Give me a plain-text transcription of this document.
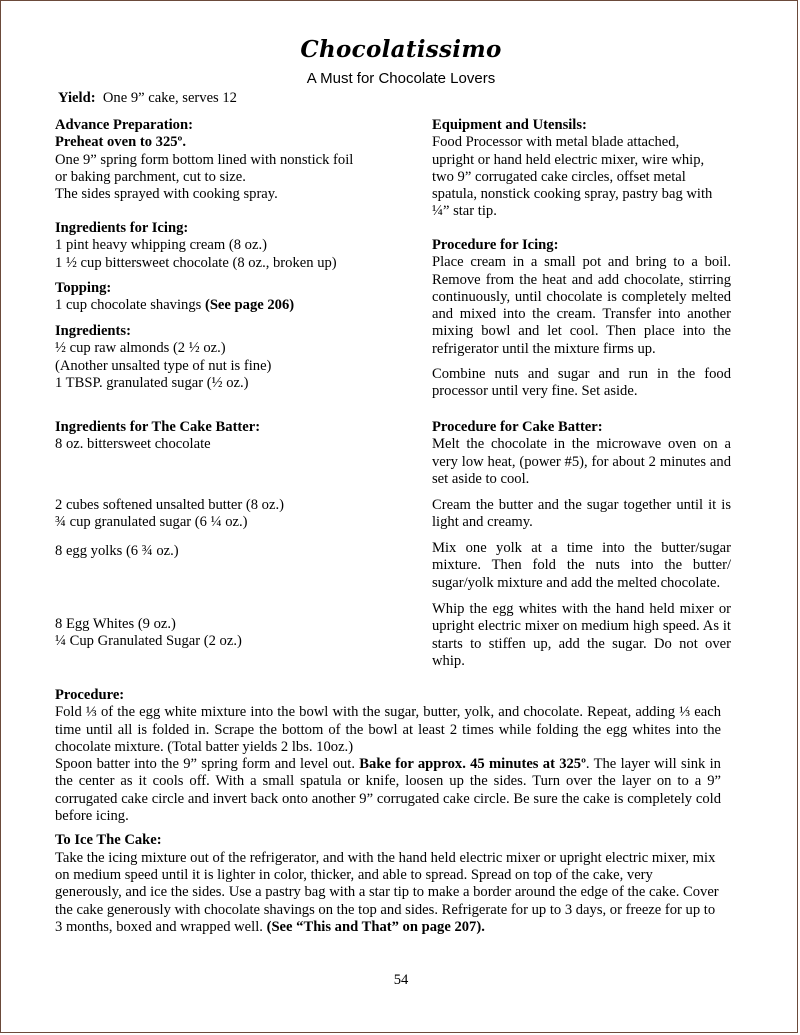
Chocolatissimo
A Must for Chocolate Lovers
Yield: One 9” cake, serves 12

Advance Preparation:

Preheat oven to 325º.

One 9” spring form bottom lined with nonstick foil

or baking parchment, cut to size.

The sides sprayed with cooking spray.

Ingredients for Icing:

1 pint heavy whipping cream (8 oz.)

1 ½ cup bittersweet chocolate (8 oz., broken up)

Topping:

1 cup chocolate shavings (See page 206)

Ingredients:

½ cup raw almonds (2 ½ oz.)

(Another unsalted type of nut is fine)

1 TBSP. granulated sugar (½ oz.)

Ingredients for The Cake Batter:

8 oz. bittersweet chocolate

2 cubes softened unsalted butter (8 oz.)

¾ cup granulated sugar (6 ¼ oz.)

8 egg yolks (6 ¾ oz.)

8 Egg Whites (9 oz.)

¼ Cup Granulated Sugar (2 oz.)

Equipment and Utensils:

Food Processor with metal blade attached,

upright or hand held electric mixer, wire whip,

two 9” corrugated cake circles, offset metal

spatula, nonstick cooking spray, pastry bag with

¼” star tip.

Procedure for Icing:

Place cream in a small pot and bring to a boil. Remove from the heat and add chocolate, stirring continuously, until chocolate is completely melted and mixed into the cream. Transfer into another mixing bowl and let cool. Then place into the refrigerator until the mixture firms up.

Combine nuts and sugar and run in the food processor until very fine. Set aside.

Procedure for Cake Batter:

Melt the chocolate in the microwave oven on a very low heat, (power #5), for about 2 minutes and set aside to cool.

Cream the butter and the sugar together until it is light and creamy.

Mix one yolk at a time into the butter/sugar mixture. Then fold the nuts into the butter/ sugar/yolk mixture and add the melted chocolate.

Whip the egg whites with the hand held mixer or upright electric mixer on medium high speed. As it starts to stiffen up, add the sugar. Do not over whip.

Procedure:

Fold ⅓ of the egg white mixture into the bowl with the sugar, butter, yolk, and chocolate. Repeat, adding ⅓ each time until all is folded in. Scrape the bottom of the bowl at least 2 times while folding the egg whites into the chocolate mixture. (Total batter yields 2 lbs. 10oz.)

Spoon batter into the 9” spring form and level out. Bake for approx. 45 minutes at 325º. The layer will sink in the center as it cools off. With a small spatula or knife, loosen up the sides. Turn over the layer on to a 9” corrugated cake circle and invert back onto another 9” corrugated cake circle. Be sure the cake is completely cold before icing.

To Ice The Cake:

Take the icing mixture out of the refrigerator, and with the hand held electric mixer or upright electric mixer, mix on medium speed until it is lighter in color, thicker, and able to spread. Spread on top of the cake, very generously, and ice the sides. Use a pastry bag with a star tip to make a border around the edge of the cake. Cover the cake generously with chocolate shavings on the top and sides. Refrigerate for up to 3 days, or freeze for up to 3 months, boxed and wrapped well. (See “This and That” on page 207).

54
